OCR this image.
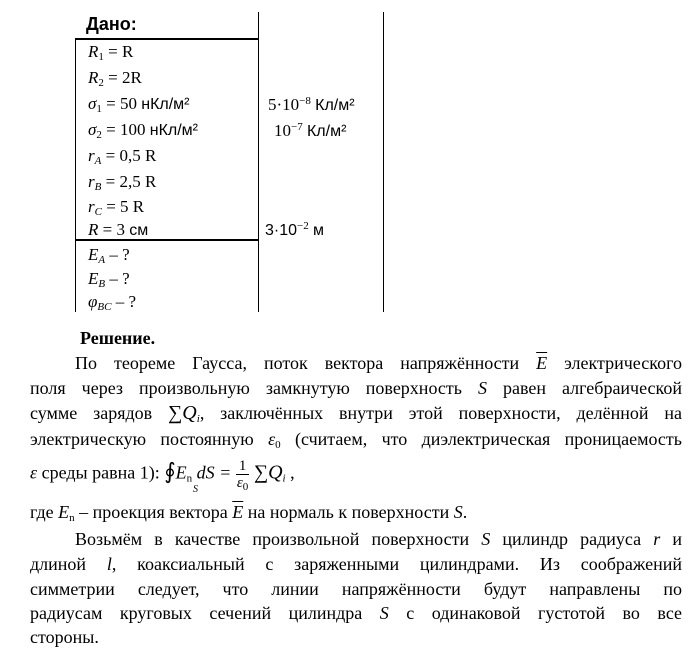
Дано:
$R_1 = R$
$R_2 = 2R$
$\sigma_1 = 50$ нКл/м²
$\sigma_2 = 100$ нКл/м²
$r_A = 0,5$ R
$r_B = 2,5$ R
$r_C = 5$ R
R = 3 см
$E_A$ – ?
$E_B$ – ?
$\varphi_{BC}$ – ?
$5\cdot 10^{-8}$ Кл/м²
$10^{-7}$ Кл/м²
$3\cdot 10^{-2}$ м
Решение.
По теореме Гаусса, поток вектора напряжённости $\overline{E}$ электрического
поля через произвольную замкнутую поверхность S равен алгебраической
сумме зарядов $\sum Q_i$, заключённых внутри этой поверхности, делённой на
электрическую постоянную $\varepsilon_0$ (считаем, что диэлектрическая проницаемость
ε среды равна 1): $∮E_n$ dS = $\frac{1}{\varepsilon_0} \sum Q_i$ ,
S
где $E_n$ – проекция вектора $\overline{E}$ на нормаль к поверхности S.
Возьмём в качестве произвольной поверхности S цилиндр радиуса r и
длиной l, коаксиальный с заряженными цилиндрами. Из соображений
симметрии следует, что линии напряжённости будут направлены по
радиусам круговых сечений цилиндра S с одинаковой густотой во все
стороны.
